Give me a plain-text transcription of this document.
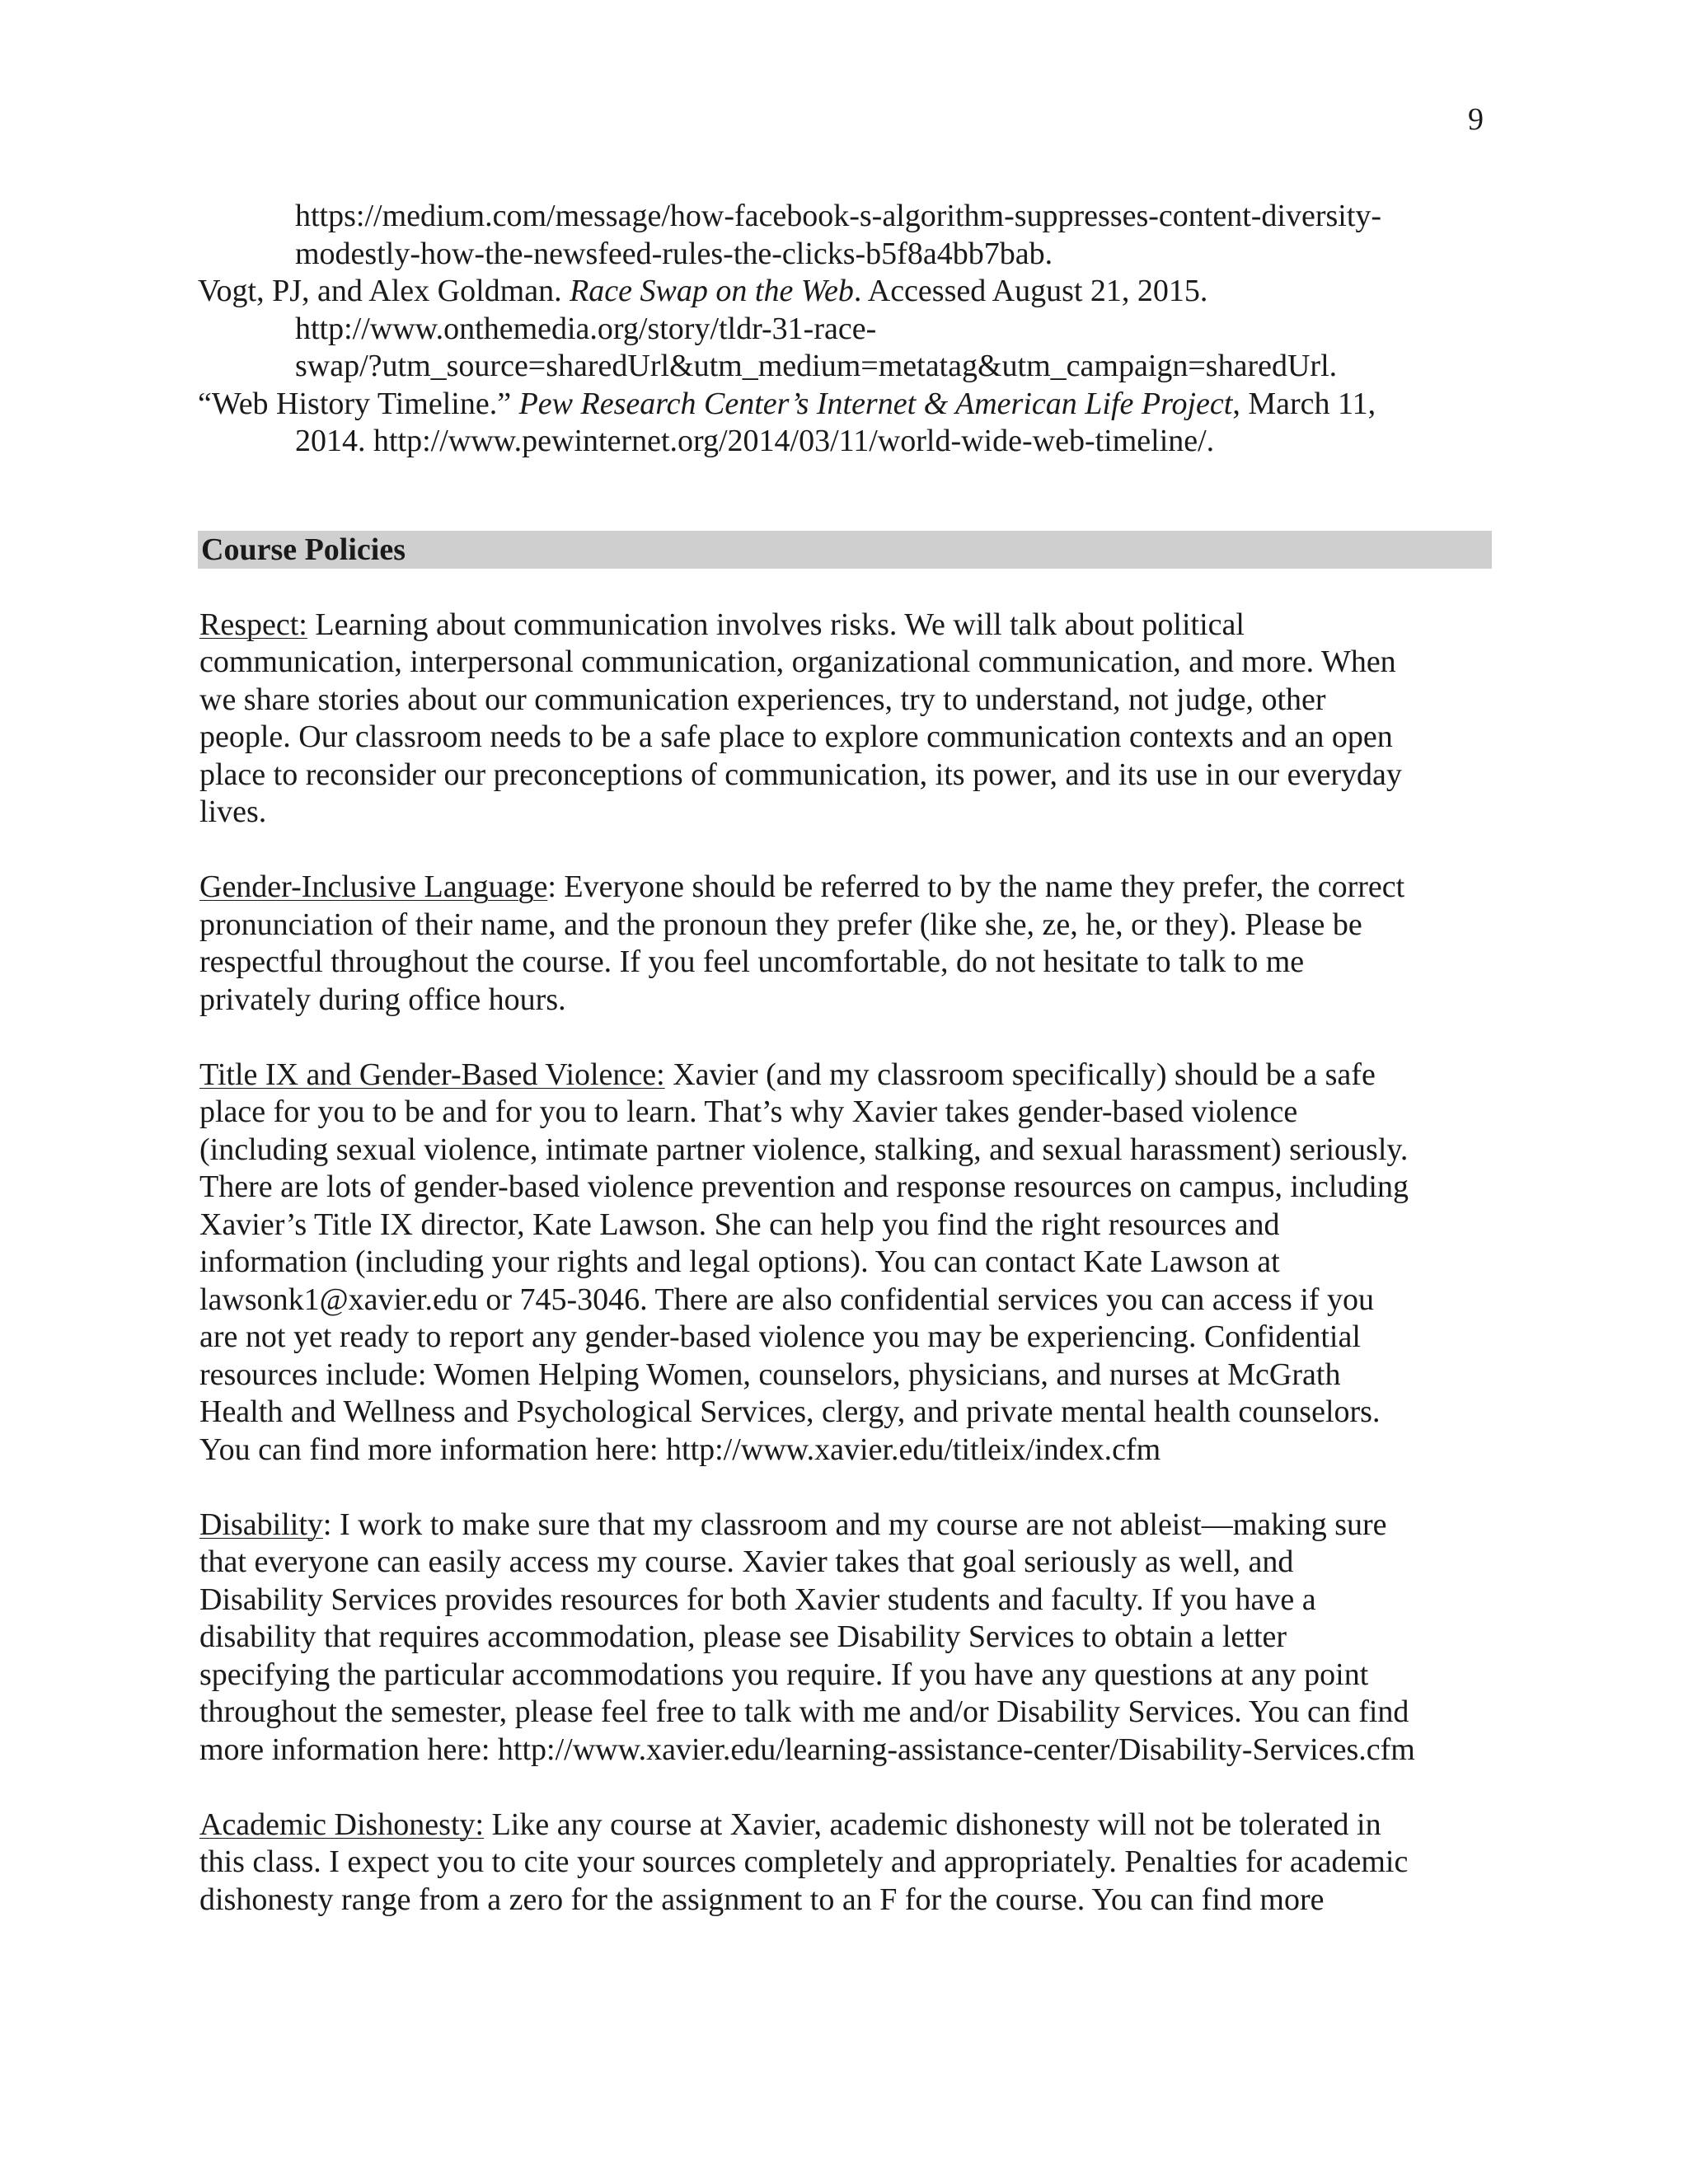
9
https://medium.com/message/how-facebook-s-algorithm-suppresses-content-diversity-
modestly-how-the-newsfeed-rules-the-clicks-b5f8a4bb7bab.
Vogt, PJ, and Alex Goldman. Race Swap on the Web. Accessed August 21, 2015.
http://www.onthemedia.org/story/tldr-31-race-
swap/?utm_source=sharedUrl&utm_medium=metatag&utm_campaign=sharedUrl.
“Web History Timeline.” Pew Research Center’s Internet & American Life Project, March 11,
2014. http://www.pewinternet.org/2014/03/11/world-wide-web-timeline/.
Course Policies

Respect: Learning about communication involves risks. We will talk about political
communication, interpersonal communication, organizational communication, and more. When
we share stories about our communication experiences, try to understand, not judge, other
people. Our classroom needs to be a safe place to explore communication contexts and an open
place to reconsider our preconceptions of communication, its power, and its use in our everyday
lives.

Gender-Inclusive Language: Everyone should be referred to by the name they prefer, the correct
pronunciation of their name, and the pronoun they prefer (like she, ze, he, or they). Please be
respectful throughout the course. If you feel uncomfortable, do not hesitate to talk to me
privately during office hours.

Title IX and Gender-Based Violence: Xavier (and my classroom specifically) should be a safe
place for you to be and for you to learn. That’s why Xavier takes gender-based violence
(including sexual violence, intimate partner violence, stalking, and sexual harassment) seriously.
There are lots of gender-based violence prevention and response resources on campus, including
Xavier’s Title IX director, Kate Lawson. She can help you find the right resources and
information (including your rights and legal options). You can contact Kate Lawson at
lawsonk1@xavier.edu or 745-3046. There are also confidential services you can access if you
are not yet ready to report any gender-based violence you may be experiencing. Confidential
resources include: Women Helping Women, counselors, physicians, and nurses at McGrath
Health and Wellness and Psychological Services, clergy, and private mental health counselors.
You can find more information here: http://www.xavier.edu/titleix/index.cfm

Disability: I work to make sure that my classroom and my course are not ableist—making sure
that everyone can easily access my course. Xavier takes that goal seriously as well, and
Disability Services provides resources for both Xavier students and faculty. If you have a
disability that requires accommodation, please see Disability Services to obtain a letter
specifying the particular accommodations you require. If you have any questions at any point
throughout the semester, please feel free to talk with me and/or Disability Services. You can find
more information here: http://www.xavier.edu/learning-assistance-center/Disability-Services.cfm

Academic Dishonesty: Like any course at Xavier, academic dishonesty will not be tolerated in
this class. I expect you to cite your sources completely and appropriately. Penalties for academic
dishonesty range from a zero for the assignment to an F for the course. You can find more
